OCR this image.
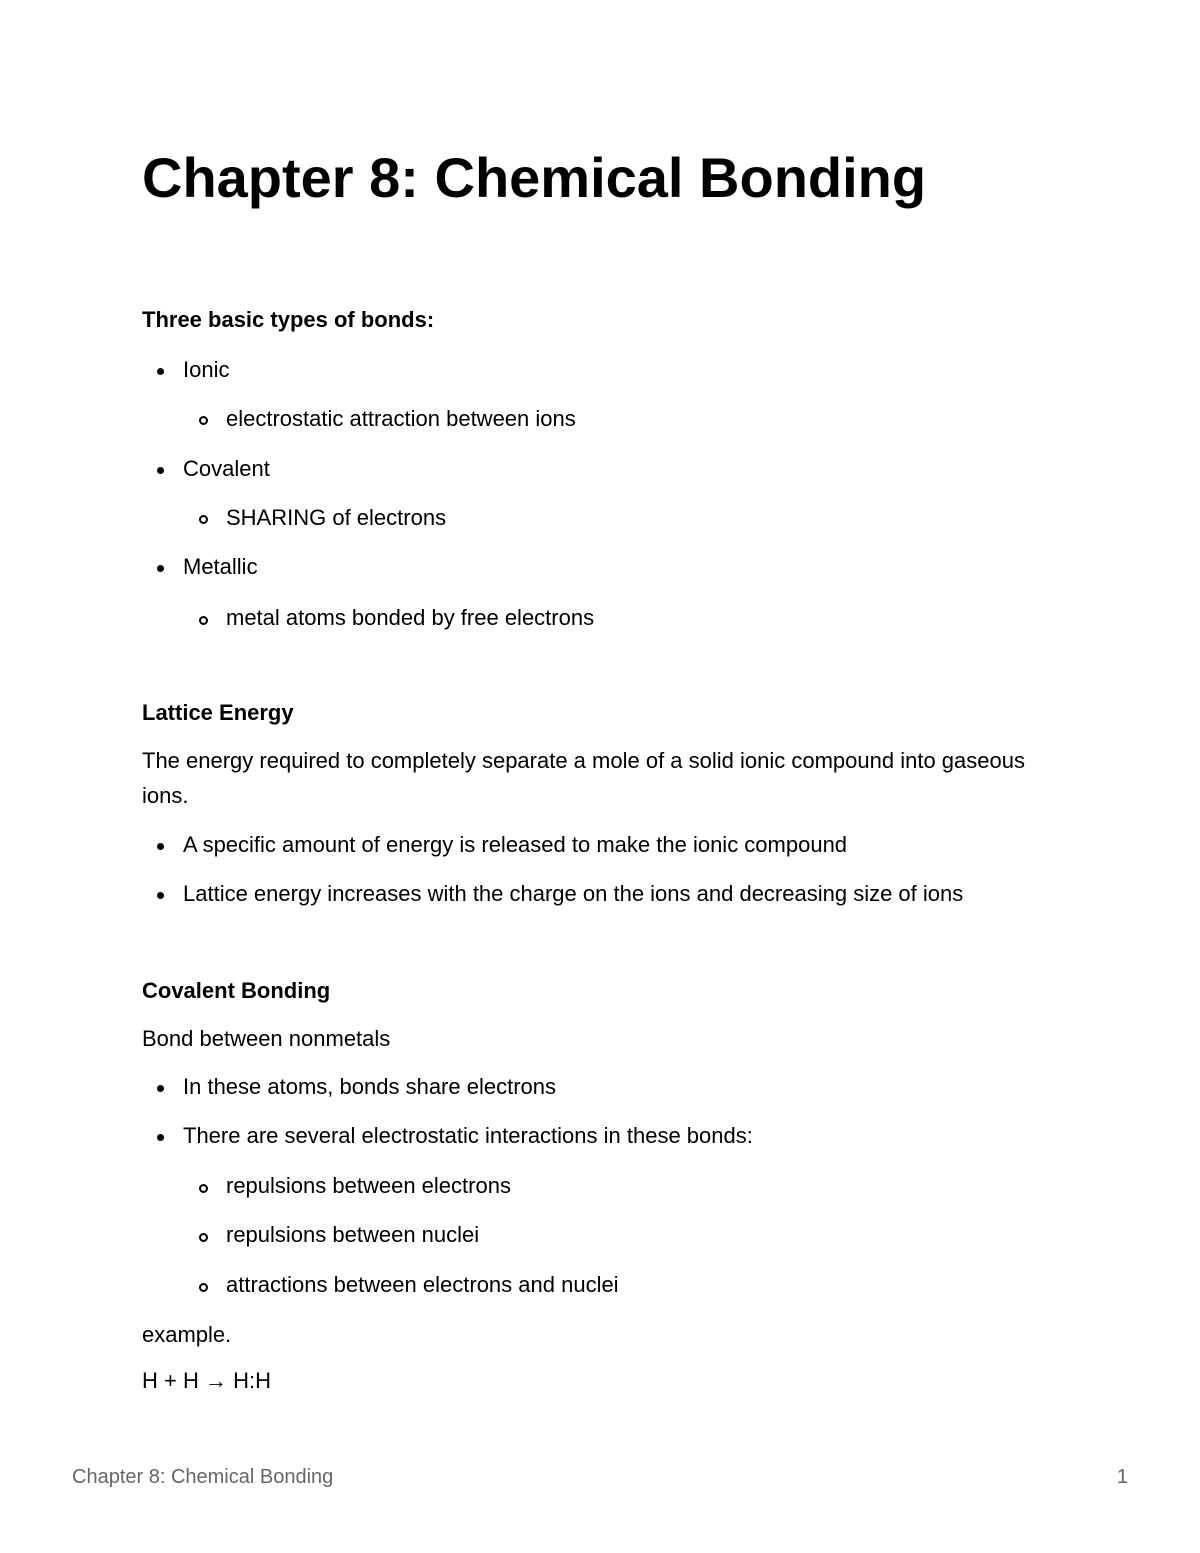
Chapter 8: Chemical Bonding
Three basic types of bonds:
Ionic
electrostatic attraction between ions
Covalent
SHARING of electrons
Metallic
metal atoms bonded by free electrons
Lattice Energy
The energy required to completely separate a mole of a solid ionic compound into gaseous ions.
A specific amount of energy is released to make the ionic compound
Lattice energy increases with the charge on the ions and decreasing size of ions
Covalent Bonding
Bond between nonmetals
In these atoms, bonds share electrons
There are several electrostatic interactions in these bonds:
repulsions between electrons
repulsions between nuclei
attractions between electrons and nuclei
example.
H + H → H:H
Chapter 8: Chemical Bonding	1
